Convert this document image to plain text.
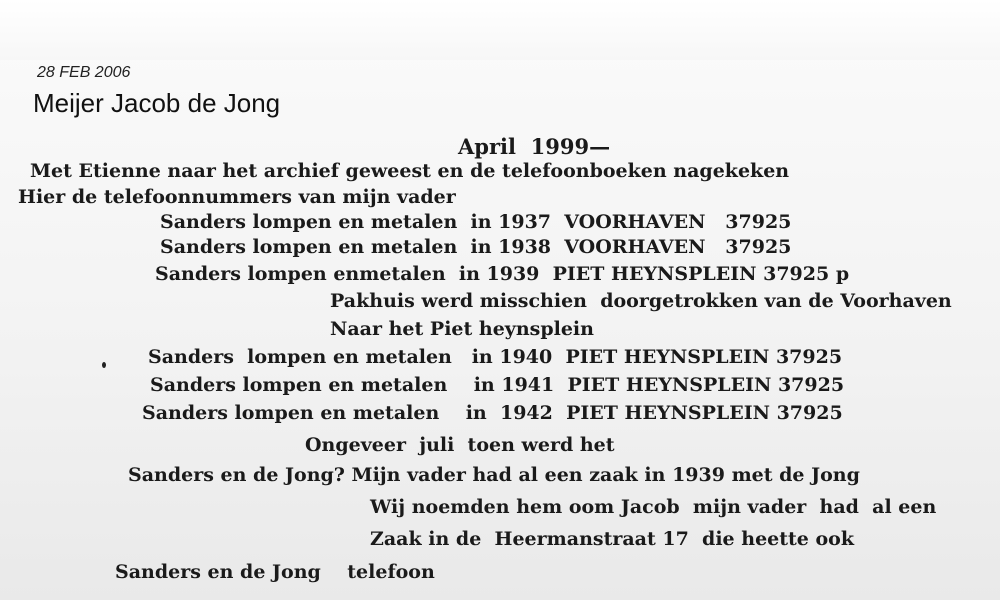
28 FEB 2006
Meijer Jacob de Jong
April  1999—
Met Etienne naar het archief geweest en de telefoonboeken nagekeken
Hier de telefoonnummers van mijn vader
Sanders lompen en metalen  in 1937  VOORHAVEN   37925
Sanders lompen en metalen  in 1938  VOORHAVEN   37925
Sanders lompen enmetalen  in 1939  PIET HEYNSPLEIN 37925 p
Pakhuis werd misschien  doorgetrokken van de Voorhaven
Naar het Piet heynsplein
Sanders  lompen en metalen   in 1940  PIET HEYNSPLEIN 37925
Sanders lompen en metalen    in 1941  PIET HEYNSPLEIN 37925
Sanders lompen en metalen    in  1942  PIET HEYNSPLEIN 37925
Ongeveer  juli  toen werd het
Sanders en de Jong? Mijn vader had al een zaak in 1939 met de Jong
Wij noemden hem oom Jacob  mijn vader  had  al een
Zaak in de  Heermanstraat 17  die heette ook
Sanders en de Jong    telefoon
